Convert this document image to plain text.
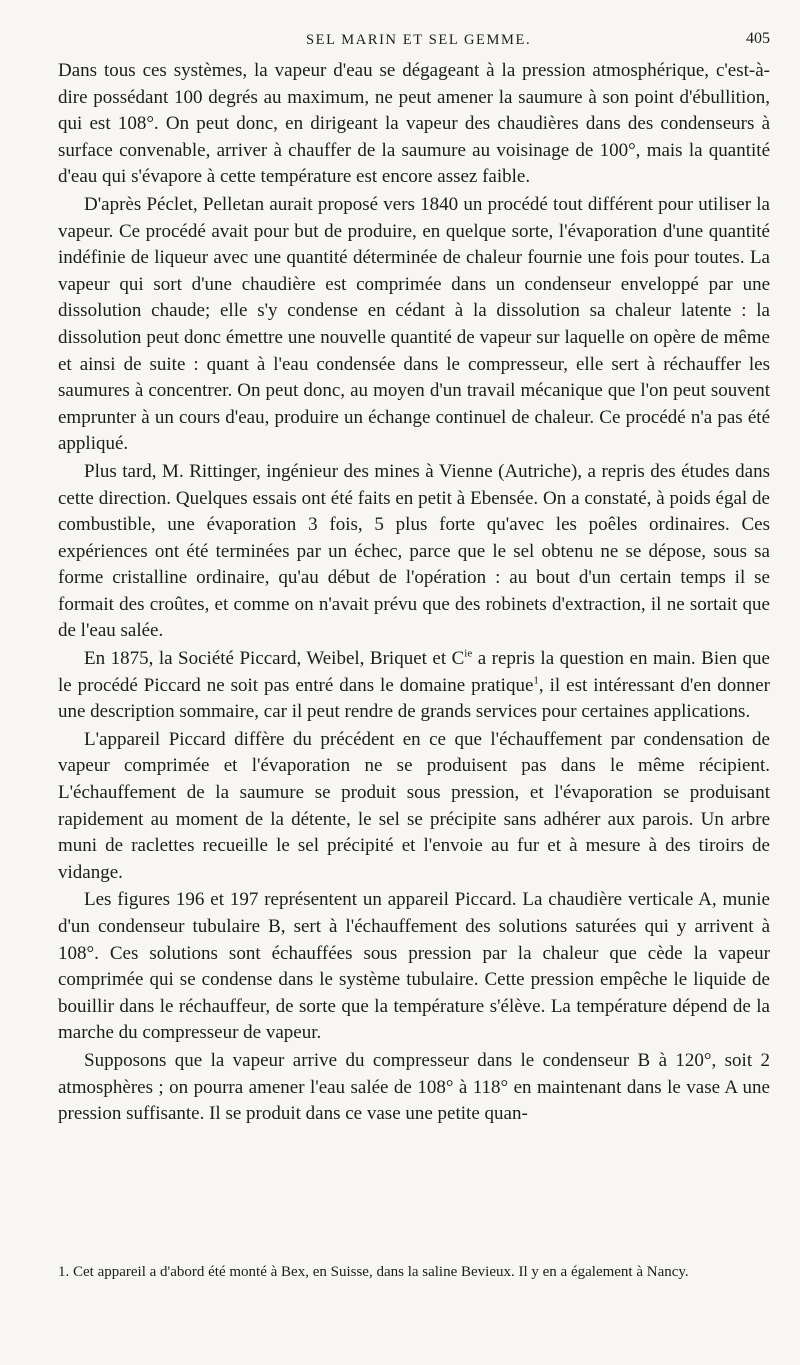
SEL MARIN ET SEL GEMME.	405

Dans tous ces systèmes, la vapeur d'eau se dégageant à la pression atmosphérique, c'est-à-dire possédant 100 degrés au maximum, ne peut amener la saumure à son point d'ébullition, qui est 108°. On peut donc, en dirigeant la vapeur des chaudières dans des condenseurs à surface convenable, arriver à chauffer de la saumure au voisinage de 100°, mais la quantité d'eau qui s'évapore à cette température est encore assez faible.

D'après Péclet, Pelletan aurait proposé vers 1840 un procédé tout différent pour utiliser la vapeur. Ce procédé avait pour but de produire, en quelque sorte, l'évaporation d'une quantité indéfinie de liqueur avec une quantité déterminée de chaleur fournie une fois pour toutes. La vapeur qui sort d'une chaudière est comprimée dans un condenseur enveloppé par une dissolution chaude; elle s'y condense en cédant à la dissolution sa chaleur latente : la dissolution peut donc émettre une nouvelle quantité de vapeur sur laquelle on opère de même et ainsi de suite : quant à l'eau condensée dans le compresseur, elle sert à réchauffer les saumures à concentrer. On peut donc, au moyen d'un travail mécanique que l'on peut souvent emprunter à un cours d'eau, produire un échange continuel de chaleur. Ce procédé n'a pas été appliqué.

Plus tard, M. Rittinger, ingénieur des mines à Vienne (Autriche), a repris des études dans cette direction. Quelques essais ont été faits en petit à Ebensée. On a constaté, à poids égal de combustible, une évaporation 3 fois, 5 plus forte qu'avec les poêles ordinaires. Ces expériences ont été terminées par un échec, parce que le sel obtenu ne se dépose, sous sa forme cristalline ordinaire, qu'au début de l'opération : au bout d'un certain temps il se formait des croûtes, et comme on n'avait prévu que des robinets d'extraction, il ne sortait que de l'eau salée.

En 1875, la Société Piccard, Weibel, Briquet et $C^{ie}$ a repris la question en main. Bien que le procédé Piccard ne soit pas entré dans le domaine pratique$^1$, il est intéressant d'en donner une description sommaire, car il peut rendre de grands services pour certaines applications.

L'appareil Piccard diffère du précédent en ce que l'échauffement par condensation de vapeur comprimée et l'évaporation ne se produisent pas dans le même récipient. L'échauffement de la saumure se produit sous pression, et l'évaporation se produisant rapidement au moment de la détente, le sel se précipite sans adhérer aux parois. Un arbre muni de raclettes recueille le sel précipité et l'envoie au fur et à mesure à des tiroirs de vidange.

Les figures 196 et 197 représentent un appareil Piccard. La chaudière verticale A, munie d'un condenseur tubulaire B, sert à l'échauffement des solutions saturées qui y arrivent à 108°. Ces solutions sont échauffées sous pression par la chaleur que cède la vapeur comprimée qui se condense dans le système tubulaire. Cette pression empêche le liquide de bouillir dans le réchauffeur, de sorte que la température s'élève. La température dépend de la marche du compresseur de vapeur.

Supposons que la vapeur arrive du compresseur dans le condenseur B à 120°, soit 2 atmosphères ; on pourra amener l'eau salée de 108° à 118° en maintenant dans le vase A une pression suffisante. Il se produit dans ce vase une petite quan-

1. Cet appareil a d'abord été monté à Bex, en Suisse, dans la saline Bevieux. Il y en a également à Nancy.
